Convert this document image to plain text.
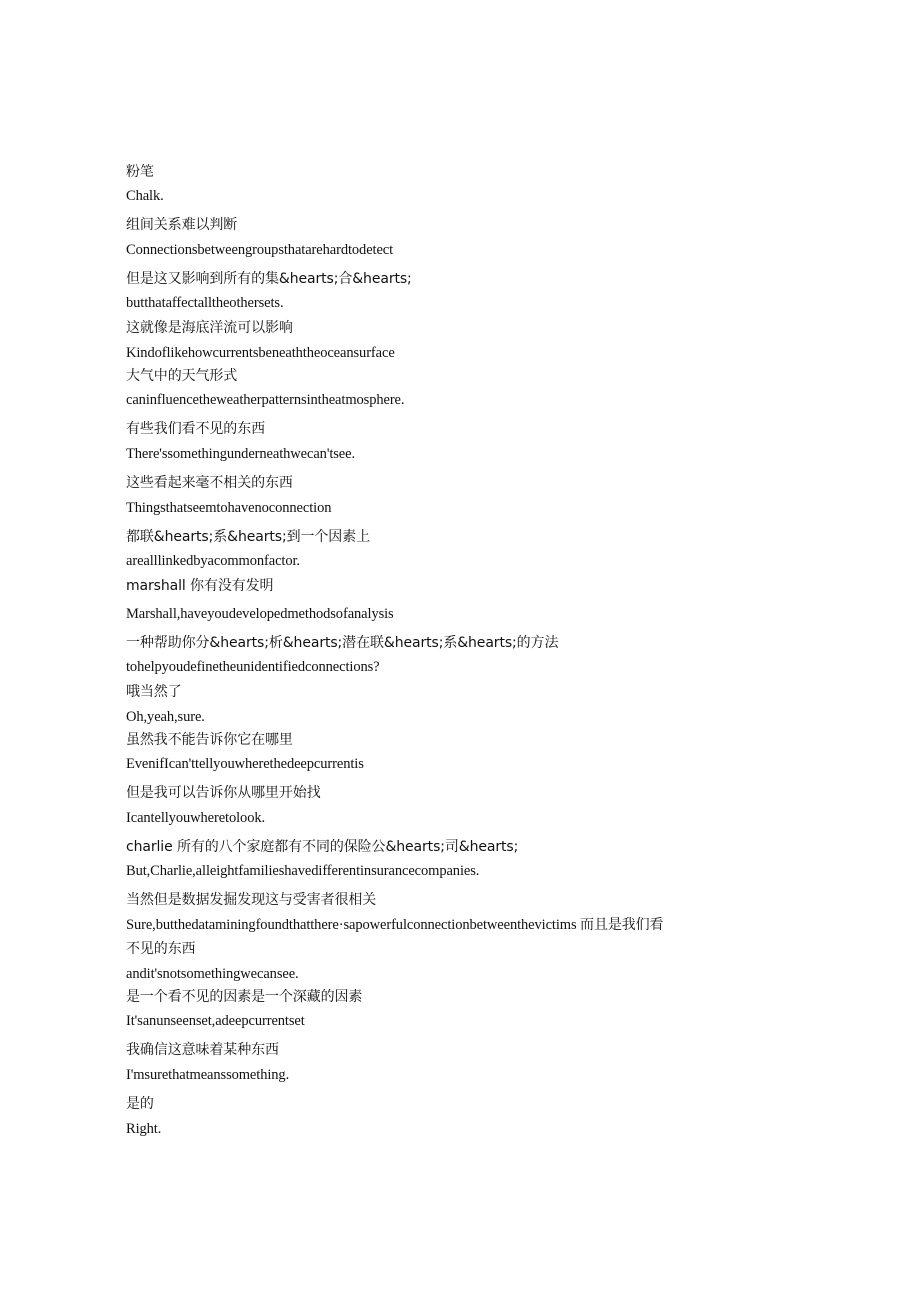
粉笔
Chalk.
组间关系难以判断
Connectionsbetweengroupsthatarehardtodetect
但是这又影响到所有的集&hearts;合&hearts;
butthataffectalltheothersets.
这就像是海底洋流可以影响
Kindoflikehowcurrentsbeneaththeoceansurface
大气中的天气形式
caninfluencetheweatherpatternsintheatmosphere.
有些我们看不见的东西
There'ssomethingunderneathwecan'tsee.
这些看起来毫不相关的东西
Thingsthatseemtohavenoconnection
都联&hearts;系&hearts;到一个因素上
arealllinkedbyacommonfactor.
marshall 你有没有发明
Marshall,haveyoudevelopedmethodsofanalysis
一种帮助你分&hearts;析&hearts;潜在联&hearts;系&hearts;的方法
tohelpyoudefinetheunidentifiedconnections?
哦当然了
Oh,yeah,sure.
虽然我不能告诉你它在哪里
EvenifIcan'ttellyouwherethedeepcurrentis
但是我可以告诉你从哪里开始找
Icantellyouwheretolook.
charlie 所有的八个家庭都有不同的保险公&hearts;司&hearts;
But,Charlie,alleightfamilieshavedifferentinsurancecompanies.
当然但是数据发掘发现这与受害者很相关
Sure,butthedataminingfoundthatthere·sapowerfulconnectionbetweenthevictims 而且是我们看
不见的东西
andit'snotsomethingwecansee.
是一个看不见的因素是一个深藏的因素
It'sanunseenset,adeepcurrentset
我确信这意味着某种东西
I'msurethatmeanssomething.
是的
Right.
